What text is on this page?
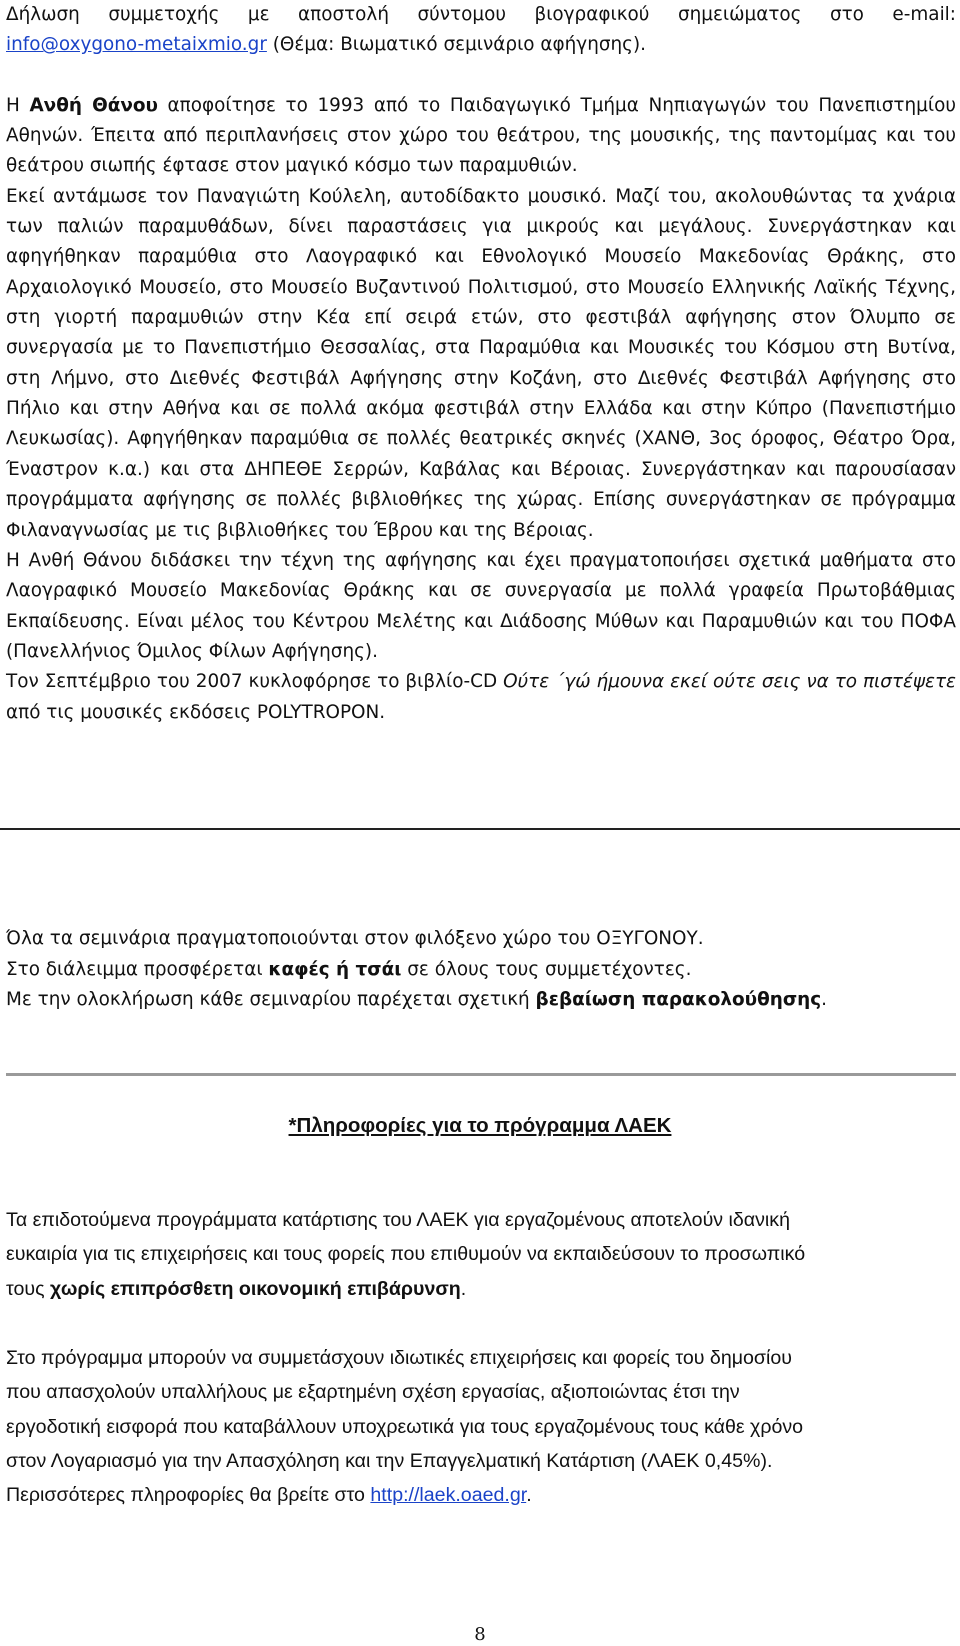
Δήλωση συμμετοχής με αποστολή σύντομου βιογραφικού σημειώματος στο e-mail:

info@oxygono-metaixmio.gr (Θέμα: Βιωματικό σεμινάριο αφήγησης).

Η Ανθή Θάνου αποφοίτησε το 1993 από το Παιδαγωγικό Τμήμα Νηπιαγωγών του Πανεπιστημίου Αθηνών. Έπειτα από περιπλανήσεις στον χώρο του θεάτρου, της μουσικής, της παντομίμας και του θεάτρου σιωπής έφτασε στον μαγικό κόσμο των παραμυθιών.

Εκεί αντάμωσε τον Παναγιώτη Κούλελη, αυτοδίδακτο μουσικό. Μαζί του, ακολουθώντας τα χνάρια των παλιών παραμυθάδων, δίνει παραστάσεις για μικρούς και μεγάλους. Συνεργάστηκαν και αφηγήθηκαν παραμύθια στο Λαογραφικό και Εθνολογικό Μουσείο Μακεδονίας Θράκης, στο Αρχαιολογικό Μουσείο, στο Μουσείο Βυζαντινού Πολιτισμού, στο Μουσείο Ελληνικής Λαϊκής Τέχνης, στη γιορτή παραμυθιών στην Κέα επί σειρά ετών, στο φεστιβάλ αφήγησης στον Όλυμπο σε συνεργασία με το Πανεπιστήμιο Θεσσαλίας, στα Παραμύθια και Μουσικές του Κόσμου στη Βυτίνα, στη Λήμνο, στο Διεθνές Φεστιβάλ Αφήγησης στην Κοζάνη, στο Διεθνές Φεστιβάλ Αφήγησης στο Πήλιο και στην Αθήνα και σε πολλά ακόμα φεστιβάλ στην Ελλάδα και στην Κύπρο (Πανεπιστήμιο Λευκωσίας). Αφηγήθηκαν παραμύθια σε πολλές θεατρικές σκηνές (ΧΑΝΘ, 3ος όροφος, Θέατρο Όρα, Έναστρον κ.α.) και στα ΔΗΠΕΘΕ Σερρών, Καβάλας και Βέροιας. Συνεργάστηκαν και παρουσίασαν προγράμματα αφήγησης σε πολλές βιβλιοθήκες της χώρας. Επίσης συνεργάστηκαν σε πρόγραμμα Φιλαναγνωσίας με τις βιβλιοθήκες του Έβρου και της Βέροιας.

Η Ανθή Θάνου διδάσκει την τέχνη της αφήγησης και έχει πραγματοποιήσει σχετικά μαθήματα στο Λαογραφικό Μουσείο Μακεδονίας Θράκης και σε συνεργασία με πολλά γραφεία Πρωτοβάθμιας Εκπαίδευσης. Είναι μέλος του Κέντρου Μελέτης και Διάδοσης Μύθων και Παραμυθιών και του ΠΟΦΑ (Πανελλήνιος Όμιλος Φίλων Αφήγησης).

Τον Σεπτέμβριο του 2007 κυκλοφόρησε το βιβλίο-CD Ούτε ΄γώ ήμουνα εκεί ούτε σεις να το πιστέψετε από τις μουσικές εκδόσεις POLYTROPON.

Όλα τα σεμινάρια πραγματοποιούνται στον φιλόξενο χώρο του ΟΞΥΓΟΝΟΥ.

Στο διάλειμμα προσφέρεται καφές ή τσάι σε όλους τους συμμετέχοντες.

Με την ολοκλήρωση κάθε σεμιναρίου παρέχεται σχετική βεβαίωση παρακολούθησης.

*Πληροφορίες για το πρόγραμμα ΛΑΕΚ

Τα επιδοτούμενα προγράμματα κατάρτισης του ΛΑΕΚ για εργαζομένους αποτελούν ιδανική

ευκαιρία για τις επιχειρήσεις και τους φορείς που επιθυμούν να εκπαιδεύσουν το προσωπικό

τους χωρίς επιπρόσθετη οικονομική επιβάρυνση.

Στο πρόγραμμα μπορούν να συμμετάσχουν ιδιωτικές επιχειρήσεις και φορείς του δημοσίου

που απασχολούν υπαλλήλους με εξαρτημένη σχέση εργασίας, αξιοποιώντας έτσι την

εργοδοτική εισφορά που καταβάλλουν υποχρεωτικά για τους εργαζομένους τους κάθε χρόνο

στον Λογαριασμό για την Απασχόληση και την Επαγγελματική Κατάρτιση (ΛΑΕΚ 0,45%).

Περισσότερες πληροφορίες θα βρείτε στο http://laek.oaed.gr.

8
